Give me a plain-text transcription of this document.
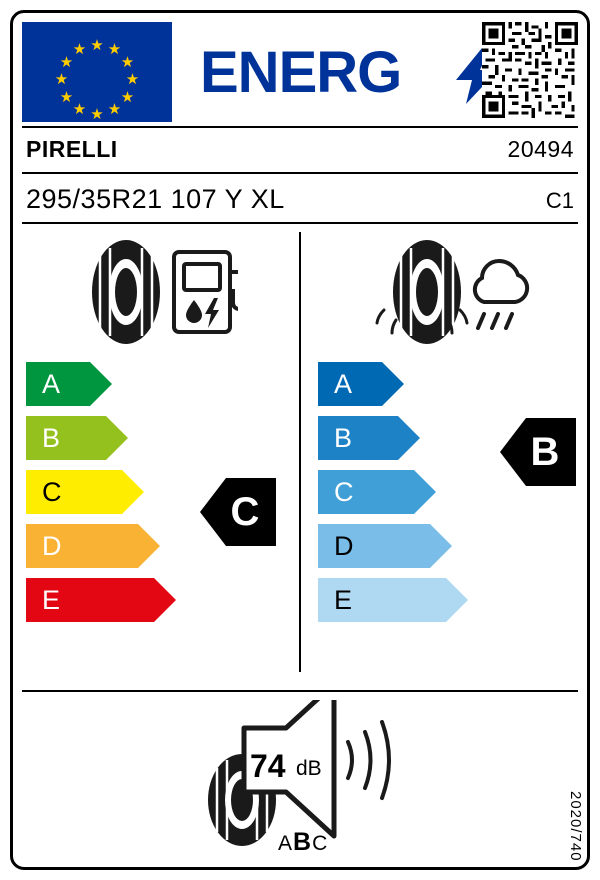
★ ★
★
★
★
★
★
★
★
★
★
★ ENERG
PIRELLI	20494
295/35R21 107 Y XL	C1
A
B
C
D
E
C
A
B
C
D
E
B
74 dB
ABC	2020/740
